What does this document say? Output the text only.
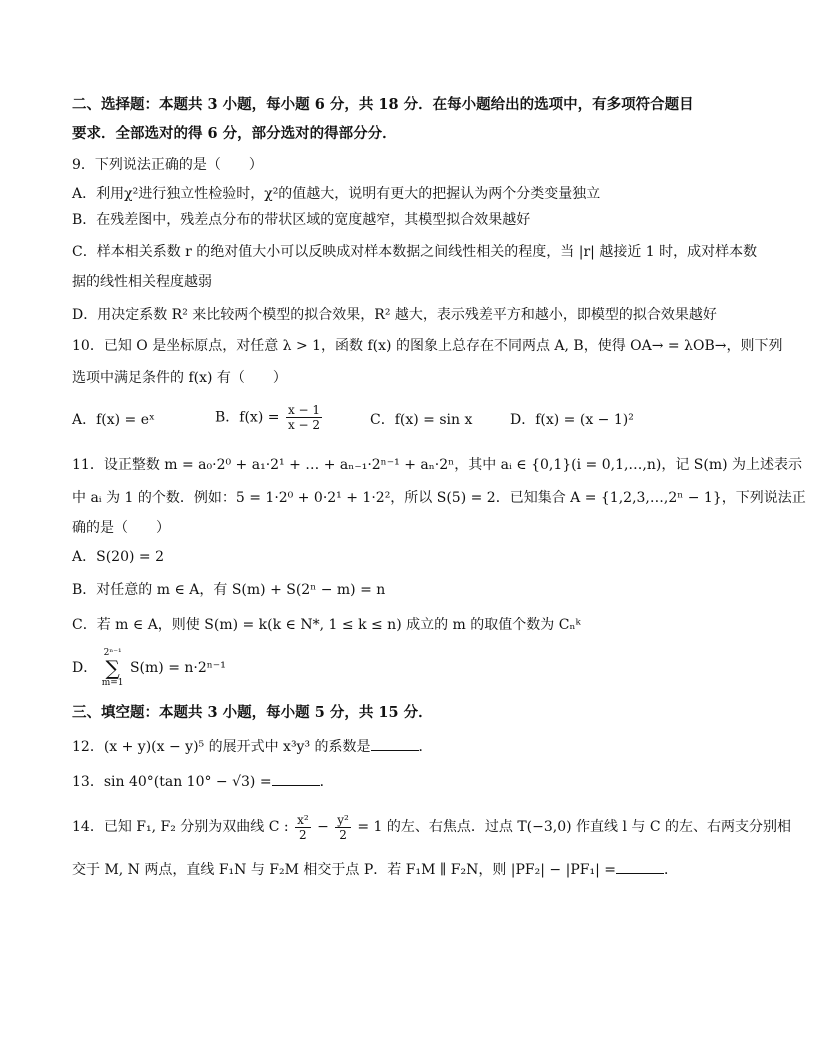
二、选择题：本题共 3 小题，每小题 6 分，共 18 分．在每小题给出的选项中，有多项符合题目
要求．全部选对的得 6 分，部分选对的得部分分．
9．下列说法正确的是（　　）
A．利用χ²进行独立性检验时，χ²的值越大，说明有更大的把握认为两个分类变量独立
B．在残差图中，残差点分布的带状区域的宽度越窄，其模型拟合效果越好
C．样本相关系数 r 的绝对值大小可以反映成对样本数据之间线性相关的程度，当 |r| 越接近 1 时，成对样本数
据的线性相关程度越弱
D．用决定系数 R² 来比较两个模型的拟合效果，R² 越大，表示残差平方和越小，即模型的拟合效果越好
10．已知 O 是坐标原点，对任意 λ > 1，函数 f(x) 的图象上总存在不同两点 A, B，使得 OA→ = λOB→，则下列
选项中满足条件的 f(x) 有（　　）
A．f(x) = eˣ	B．$f(x) = \frac{x - 1}{x - 2}$	C．f(x) = sin x	D．f(x) = (x − 1)²
11．设正整数 m = a₀·2⁰ + a₁·2¹ + … + aₙ₋₁·2ⁿ⁻¹ + aₙ·2ⁿ，其中 aᵢ ∈ {0,1}(i = 0,1,…,n)，记 S(m) 为上述表示
中 aᵢ 为 1 的个数．例如：5 = 1·2⁰ + 0·2¹ + 1·2²，所以 S(5) = 2．已知集合 A = {1,2,3,…,2ⁿ − 1}，下列说法正
确的是（　　）
A．S(20) = 2
B．对任意的 m ∈ A，有 S(m) + S(2ⁿ − m) = n
C．若 m ∈ A，则使 S(m) = k(k ∈ N*, 1 ≤ k ≤ n) 成立的 m 的取值个数为 Cₙᵏ
D．
2ⁿ⁻¹
∑
m=1
S(m) = n·2ⁿ⁻¹
三、填空题：本题共 3 小题，每小题 5 分，共 15 分．
12．(x + y)(x − y)⁵ 的展开式中 x³y³ 的系数是	．
13．sin 40°(tan 10° − √3) =	．
14．已知 F₁, F₂ 分别为双曲线 C : $\frac{\text{x²}}{2} - \frac{\text{y²}}{2} = 1$ 的左、右焦点．过点 T(−3,0) 作直线 l 与 C 的左、右两支分别相
交于 M, N 两点，直线 F₁N 与 F₂M 相交于点 P．若 F₁M ∥ F₂N，则 |PF₂| − |PF₁| =	．
